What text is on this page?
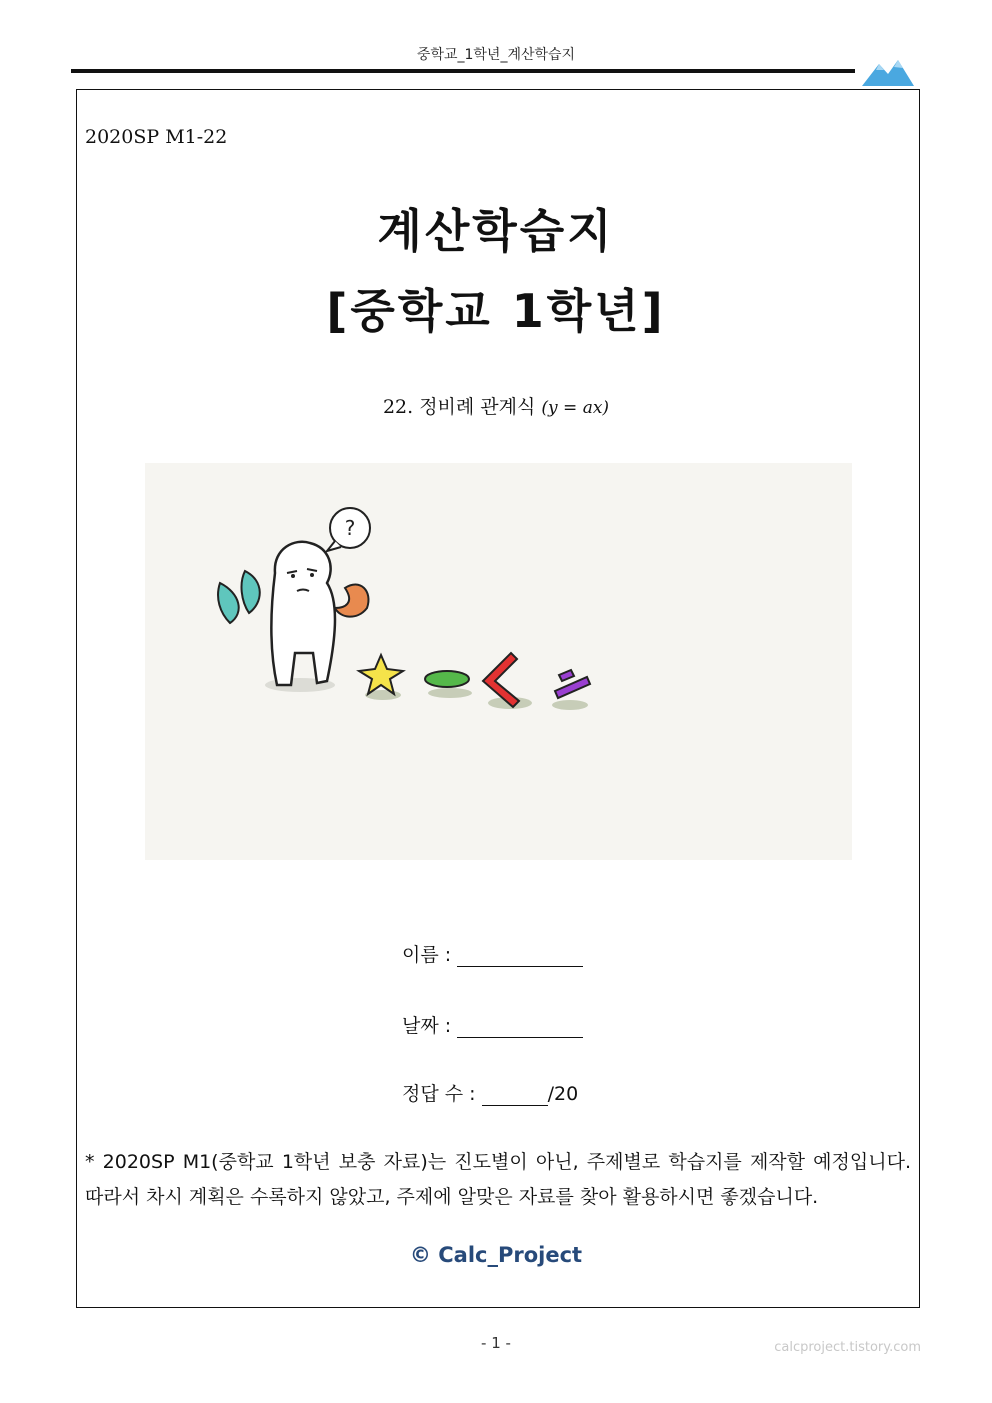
중학교_1학년_계산학습지
2020SP M1-22
계산학습지
[중학교 1학년]
22. 정비례 관계식 (y = ax)
?
이름 :
날짜 :
정답 수 :	/20
* 2020SP M1(중학교 1학년 보충 자료)는 진도별이 아닌, 주제별로 학습지를 제작할 예정입니다. 따라서 차시 계획은 수록하지 않았고, 주제에 알맞은 자료를 찾아 활용하시면 좋겠습니다.
© Calc_Project
- 1 -	calcproject.tistory.com
